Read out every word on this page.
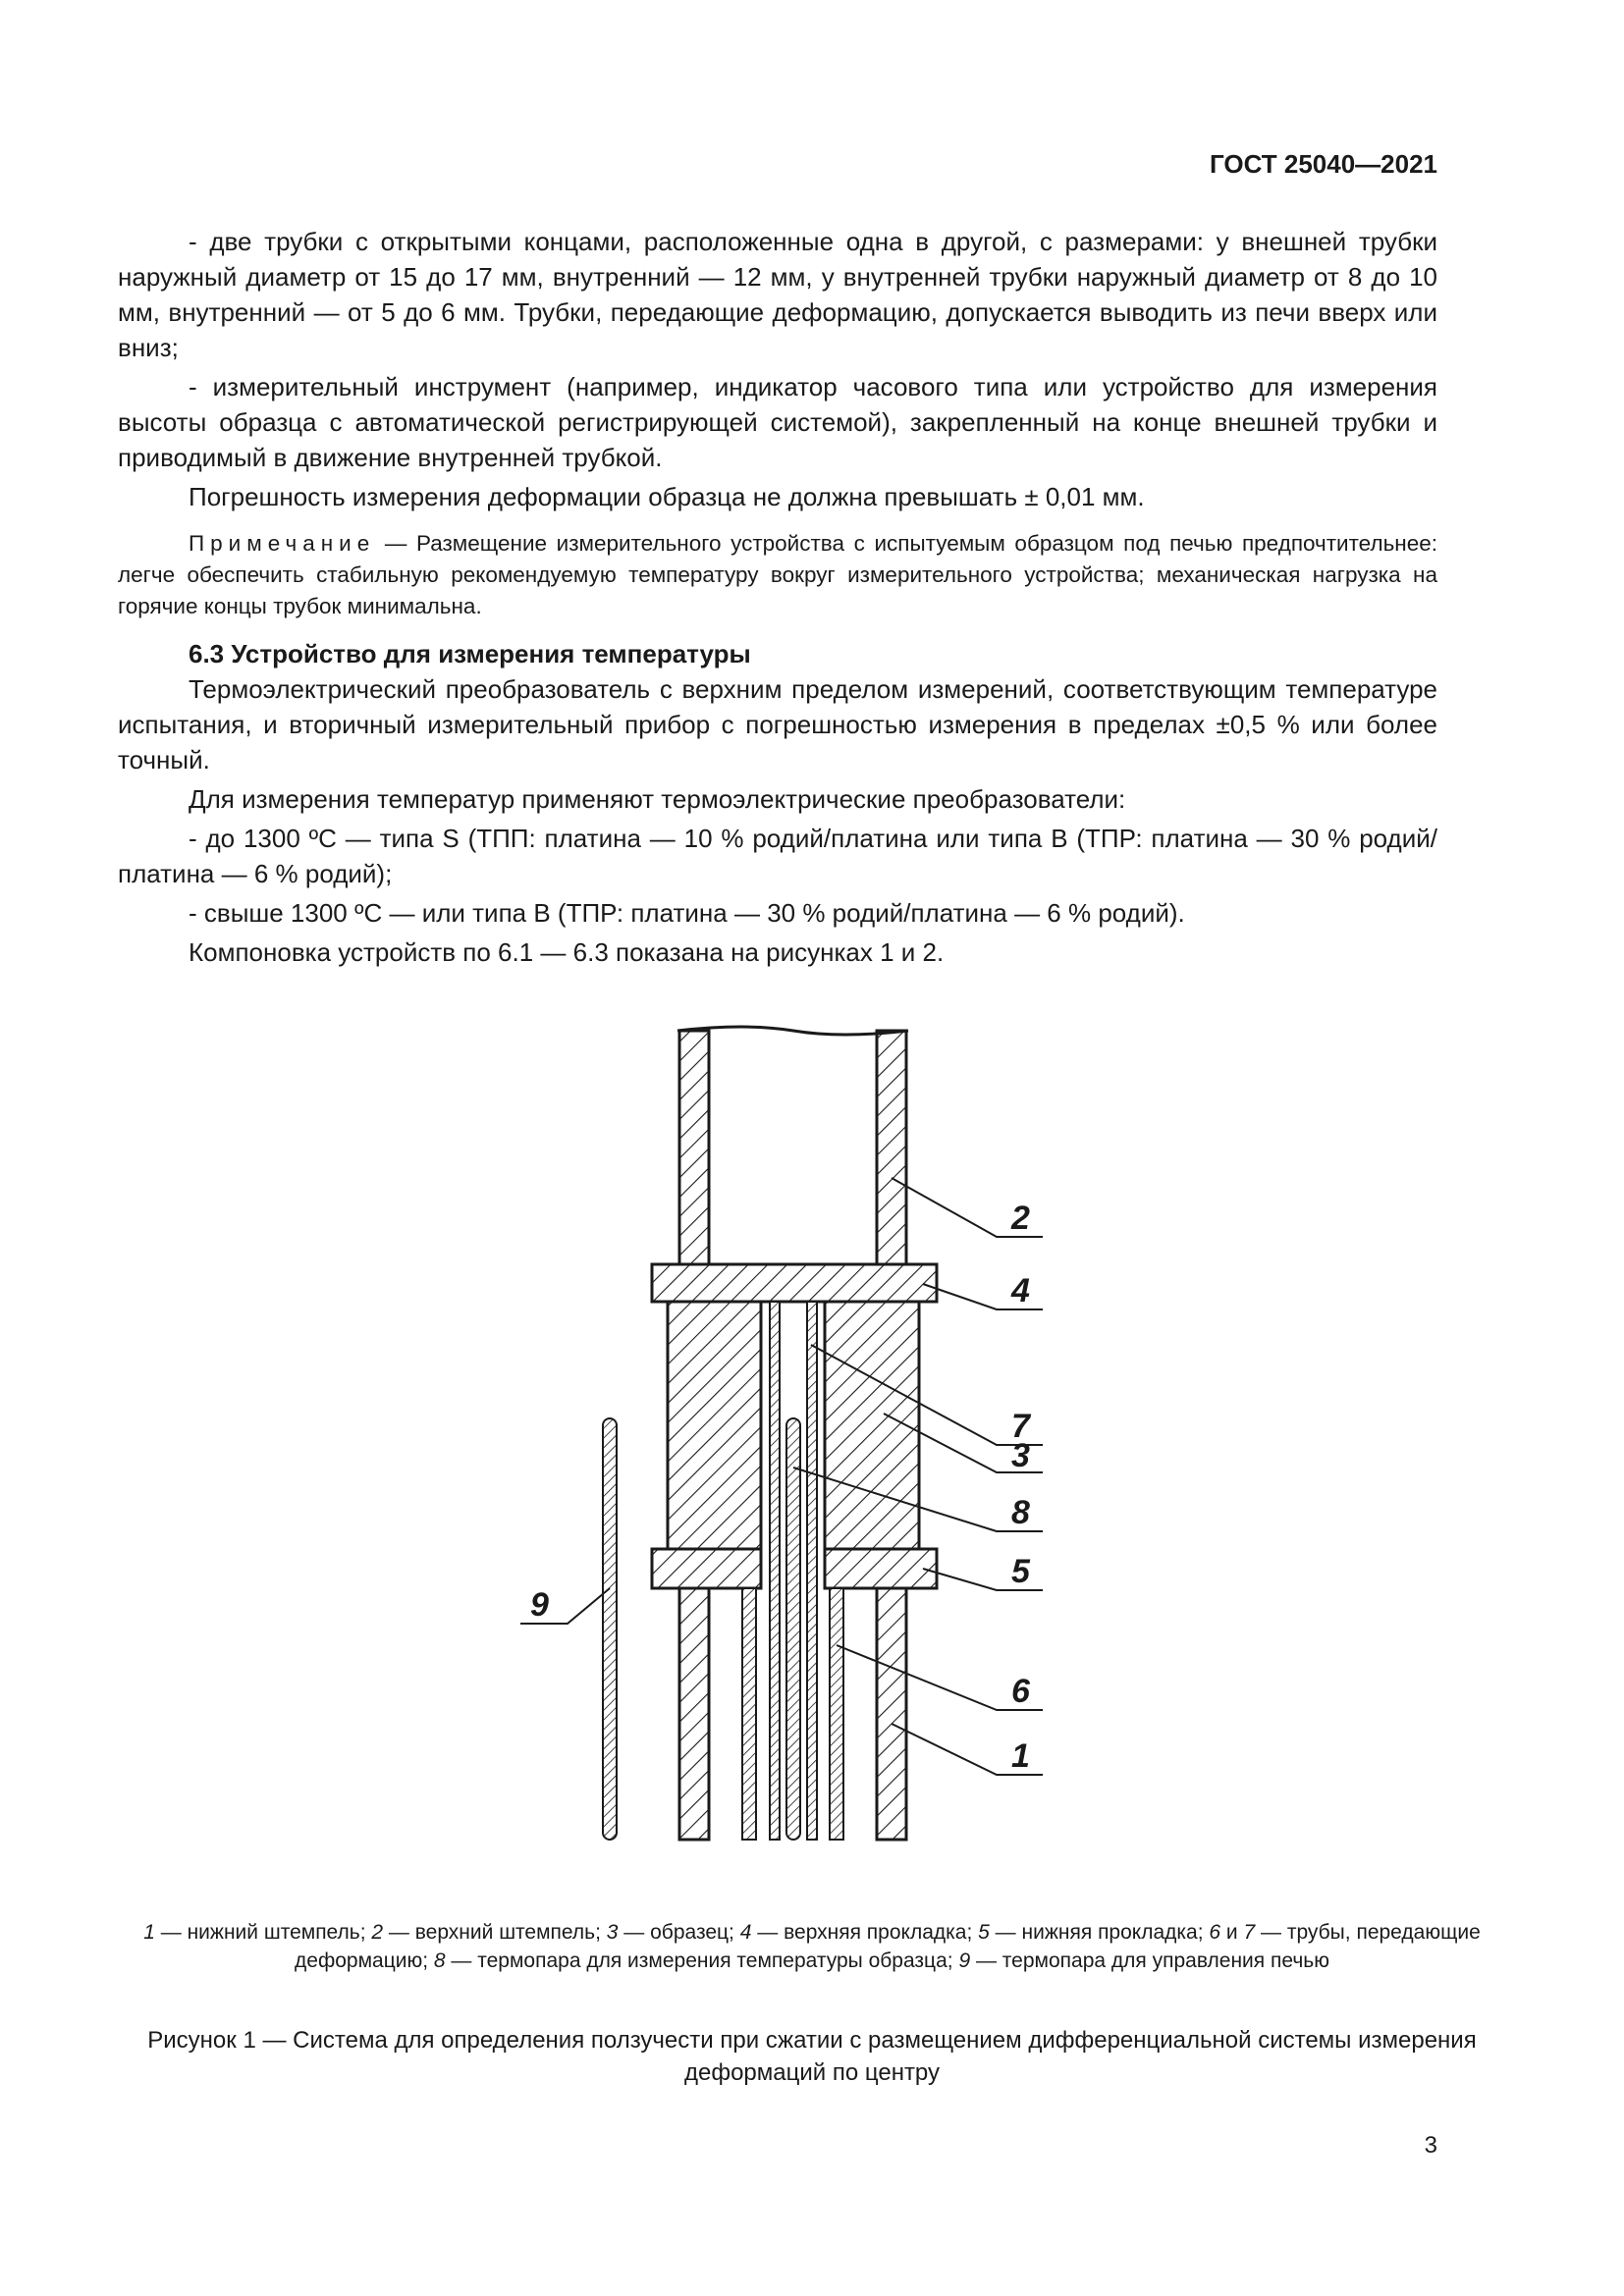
ГОСТ 25040—2021

- две трубки с открытыми концами, расположенные одна в другой, с размерами: у внешней трубки наружный диаметр от 15 до 17 мм, внутренний — 12 мм, у внутренней трубки наружный диаметр от 8 до 10 мм, внутренний — от 5 до 6 мм. Трубки, передающие деформацию, допускается выводить из печи вверх или вниз;

- измерительный инструмент (например, индикатор часового типа или устройство для измерения высоты образца с автоматической регистрирующей системой), закрепленный на конце внешней трубки и приводимый в движение внутренней трубкой.

Погрешность измерения деформации образца не должна превышать ± 0,01 мм.

Примечание — Размещение измерительного устройства с испытуемым образцом под печью предпочтительнее: легче обеспечить стабильную рекомендуемую температуру вокруг измерительного устройства; механическая нагрузка на горячие концы трубок минимальна.

6.3 Устройство для измерения температуры

Термоэлектрический преобразователь с верхним пределом измерений, соответствующим температуре испытания, и вторичный измерительный прибор с погрешностью измерения в пределах ±0,5 % или более точный.

Для измерения температур применяют термоэлектрические преобразователи:

- до 1300 ºC — типа S (ТПП: платина — 10 % родий/платина или типа B (ТПР: платина — 30 % родий/платина — 6 % родий);

- свыше 1300 ºC — или типа B (ТПР: платина — 30 % родий/платина — 6 % родий).

Компоновка устройств по 6.1 — 6.3 показана на рисунках 1 и 2.

2
4
7
3
8
5
6
1
9
1 — нижний штемпель; 2 — верхний штемпель; 3 — образец; 4 — верхняя прокладка; 5 — нижняя прокладка; 6 и 7 — трубы, передающие деформацию; 8 — термопара для измерения температуры образца; 9 — термопара для управления печью
Рисунок 1 — Система для определения ползучести при сжатии с размещением дифференциальной системы измерения деформаций по центру
3
